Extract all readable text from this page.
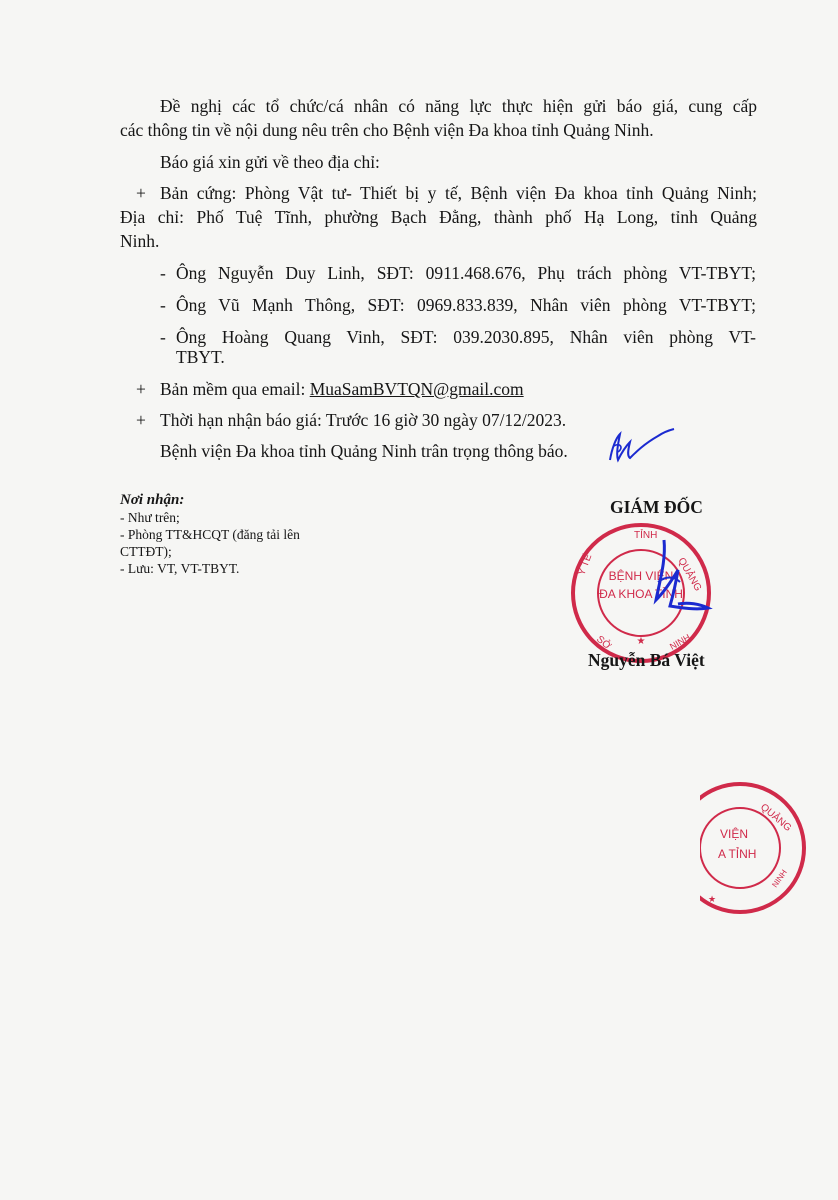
Đề nghị các tổ chức/cá nhân có năng lực thực hiện gửi báo giá, cung cấp
các thông tin về nội dung nêu trên cho Bệnh viện Đa khoa tỉnh Quảng Ninh.
Báo giá xin gửi về theo địa chỉ:
+ Bản cứng: Phòng Vật tư- Thiết bị y tế, Bệnh viện Đa khoa tỉnh Quảng Ninh;
Địa chỉ: Phố Tuệ Tĩnh, phường Bạch Đằng, thành phố Hạ Long, tỉnh Quảng
Ninh.
- Ông Nguyễn Duy Linh, SĐT: 0911.468.676, Phụ trách phòng VT-TBYT;
- Ông Vũ Mạnh Thông, SĐT: 0969.833.839, Nhân viên phòng VT-TBYT;
- Ông Hoàng Quang Vinh, SĐT: 039.2030.895, Nhân viên phòng VT-
TBYT.
+ Bản mềm qua email: MuaSamBVTQN@gmail.com
+ Thời hạn nhận báo giá: Trước 16 giờ 30 ngày 07/12/2023.
Bệnh viện Đa khoa tỉnh Quảng Ninh trân trọng thông báo.
Nơi nhận:
- Như trên;
- Phòng TT&HCQT (đăng tải lên CTTĐT);
- Lưu: VT, VT-TBYT.
GIÁM ĐỐC
TỈNH
QUẢNG
Y TẾ
SỞ	NINH
★
BỆNH VIỆN
ĐA KHOA TỈNH
Nguyễn Bá Việt
QUẢNG
NINH
VIỆN
A TỈNH
★
